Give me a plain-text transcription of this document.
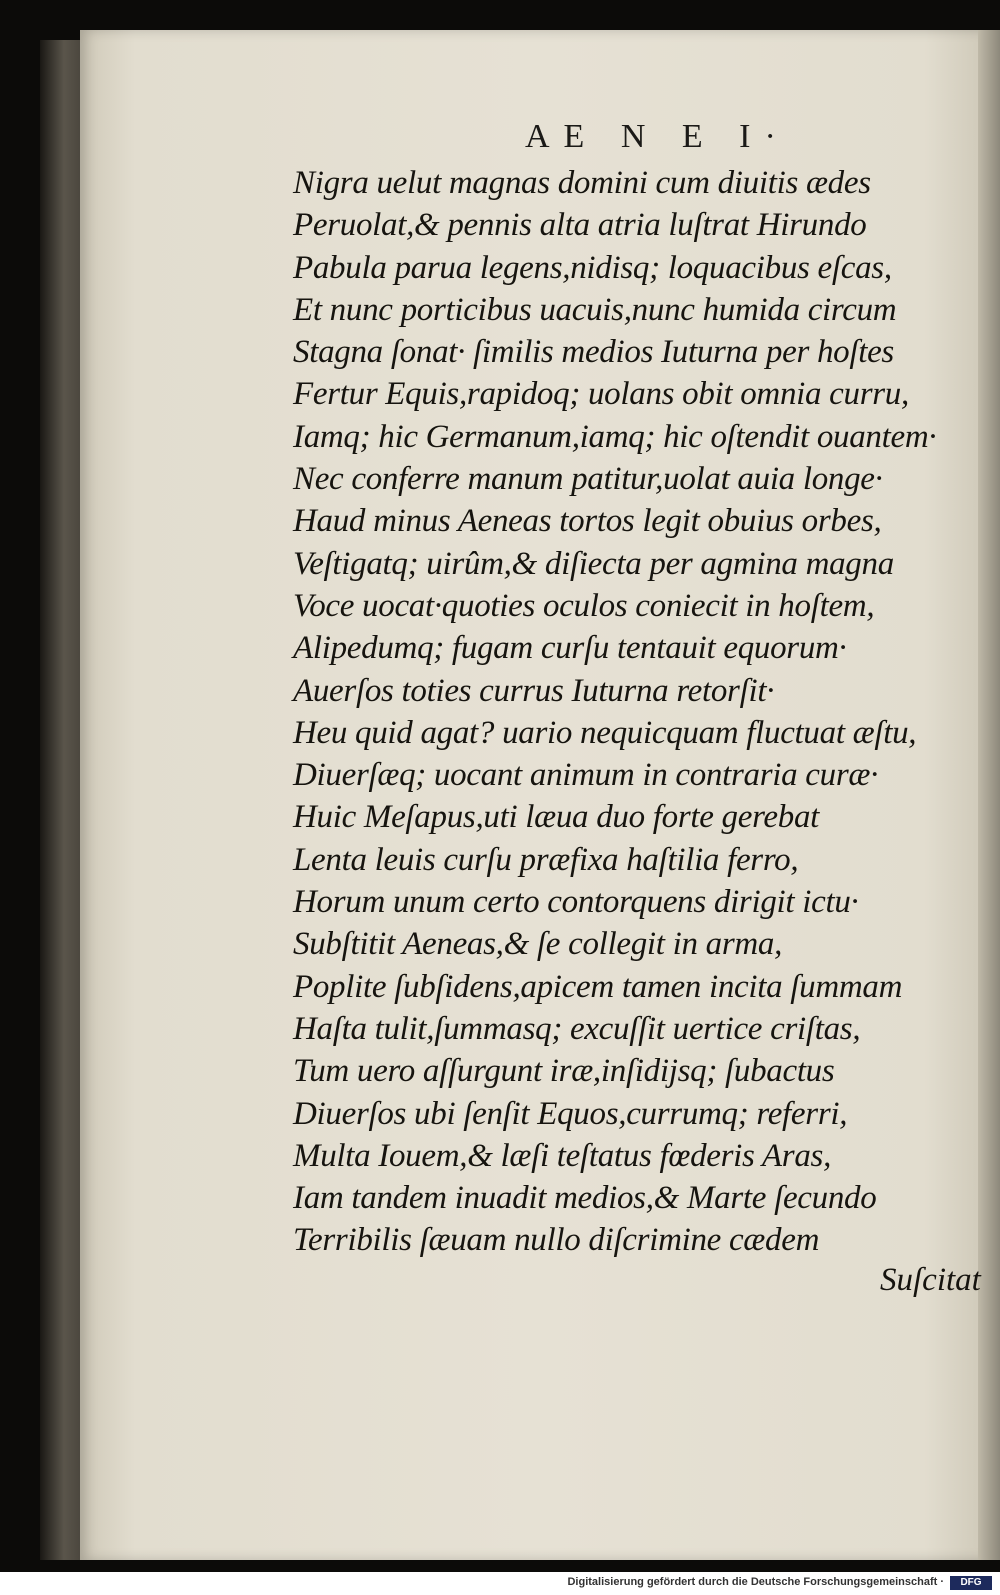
AE N E I·
Nigra uelut magnas domini cum diuitis ædes
Peruolat,& pennis alta atria luſtrat Hirundo
Pabula parua legens,nidisq; loquacibus eſcas,
Et nunc porticibus uacuis,nunc humida circum
Stagna ſonat· ſimilis medios Iuturna per hoſtes
Fertur Equis,rapidoq; uolans obit omnia curru,
Iamq; hic Germanum,iamq; hic oſtendit ouantem·
Nec conferre manum patitur,uolat auia longe·
Haud minus Aeneas tortos legit obuius orbes,
Veſtigatq; uirûm,& diſiecta per agmina magna
Voce uocat·quoties oculos coniecit in hoſtem,
Alipedumq; fugam curſu tentauit equorum·
Auerſos toties currus Iuturna retorſit·
Heu quid agat? uario nequicquam fluctuat æſtu,
Diuerſæq; uocant animum in contraria curæ·
Huic Meſapus,uti læua duo forte gerebat
Lenta leuis curſu præfixa haſtilia ferro,
Horum unum certo contorquens dirigit ictu·
Subſtitit Aeneas,& ſe collegit in arma,
Poplite ſubſidens,apicem tamen incita ſummam
Haſta tulit,ſummasq; excuſſit uertice criſtas,
Tum uero aſſurgunt iræ,inſidijsq; ſubactus
Diuerſos ubi ſenſit Equos,currumq; referri,
Multa Iouem,& læſi teſtatus fœderis Aras,
Iam tandem inuadit medios,& Marte ſecundo
Terribilis ſæuam nullo diſcrimine cædem
Suſcitat
Digitalisierung gefördert durch die Deutsche Forschungsgemeinschaft ·	DFG
